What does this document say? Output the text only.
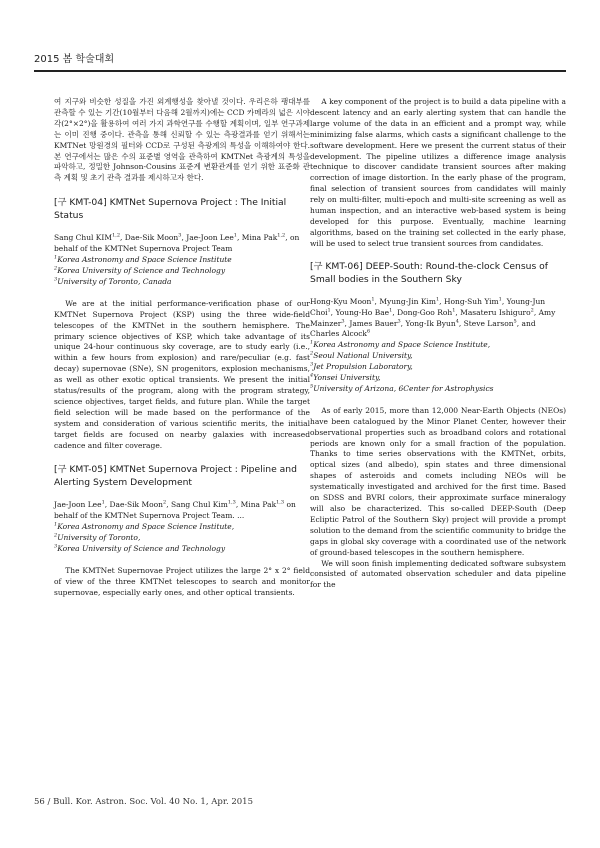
2015 봄 학술대회

여 지구와 비슷한 성질을 가진 외계행성을 찾아낼 것이다. 우리은하 팽대부를 관측할 수 있는 기간(10월부터 다음해 2월까지)에는 CCD 카메라의 넓은 시야각(2°×2°)을 활용하여 여러 가지 과학연구를 수행할 계획이며, 일부 연구과제는 이미 진행 중이다. 관측을 통해 신뢰할 수 있는 측광결과를 얻기 위해서는 KMTNet 망원경의 필터와 CCD로 구성된 측광계의 특성을 이해하여야 한다. 본 연구에서는 많은 수의 표준별 영역을 관측하여 KMTNet 측광계의 특성을 파악하고, 정밀한 Johnson-Cousins 표준계 변환관계를 얻기 위한 표준화 관측 계획 및 초기 관측 결과를 제시하고자 한다.

[구 KMT-04] KMTNet Supernova Project : The Initial Status

Sang Chul KIM$^{1,2}$, Dae-Sik Moon$^3$, Jae-Joon Lee$^1$, Mina Pak$^{1,2}$, on behalf of the KMTNet Supernova Project Team

$^1$Korea Astronomy and Space Science Institute

$^2$Korea University of Science and Technology

$^3$University of Toronto, Canada

We are at the initial performance-verification phase of our KMTNet Supernova Project (KSP) using the three wide-field telescopes of the KMTNet in the southern hemisphere. The primary science objectives of KSP, which take advantage of its unique 24-hour continuous sky coverage, are to study early (i.e., within a few hours from explosion) and rare/peculiar (e.g. fast decay) supernovae (SNe), SN progenitors, explosion mechanisms, as well as other exotic optical transients. We present the initial status/results of the program, along with the program strategy, science objectives, target fields, and future plan. While the target field selection will be made based on the performance of the system and consideration of various scientific merits, the initial target fields are focused on nearby galaxies with increased cadence and filter coverage.

[구 KMT-05] KMTNet Supernova Project : Pipeline and Alerting System Development

Jae-Joon Lee$^1$, Dae-Sik Moon$^2$, Sang Chul Kim$^{1,3}$, Mina Pak$^{1,3}$ on behalf of the KMTNet Supernova Project Team. ...

$^1$Korea Astronomy and Space Science Institute,

$^2$University of Toronto,

$^3$Korea University of Science and Technology

The KMTNet Supernovae Project utilizes the large 2° x 2° field of view of the three KMTNet telescopes to search and monitor supernovae, especially early ones, and other optical transients.

A key component of the project is to build a data pipeline with a descent latency and an early alerting system that can handle the large volume of the data in an efficient and a prompt way, while minimizing false alarms, which casts a significant challenge to the software development. Here we present the current status of their development. The pipeline utilizes a difference image analysis technique to discover candidate transient sources after making correction of image distortion. In the early phase of the program, final selection of transient sources from candidates will mainly rely on multi-filter, multi-epoch and multi-site screening as well as human inspection, and an interactive web-based system is being developed for this purpose. Eventually, machine learning algorithms, based on the training set collected in the early phase, will be used to select true transient sources from candidates.

[구 KMT-06] DEEP-South: Round-the-clock Census of Small bodies in the Southern Sky

Hong-Kyu Moon$^1$, Myung-Jin Kim$^1$, Hong-Suh Yim$^1$, Young-Jun Choi$^1$, Young-Ho Bae$^1$, Dong-Goo Roh$^1$, Masateru Ishiguro$^2$, Amy Mainzer$^3$, James Bauer$^3$, Yong-Ik Byun$^4$, Steve Larson$^5$, and Charles Alcock$^6$

$^1$Korea Astronomy and Space Science Institute,

$^2$Seoul National University,

$^3$Jet Propulsion Laboratory,

$^4$Yonsei University,

$^5$University of Arizona, 6Center for Astrophysics

As of early 2015, more than 12,000 Near-Earth Objects (NEOs) have been catalogued by the Minor Planet Center, however their observational properties such as broadband colors and rotational periods are known only for a small fraction of the population. Thanks to time series observations with the KMTNet, orbits, optical sizes (and albedo), spin states and three dimensional shapes of asteroids and comets including NEOs will be systematically investigated and archived for the first time. Based on SDSS and BVRI colors, their approximate surface mineralogy will also be characterized. This so-called DEEP-South (Deep Ecliptic Patrol of the Southern Sky) project will provide a prompt solution to the demand from the scientific community to bridge the gaps in global sky coverage with a coordinated use of the network of ground-based telescopes in the southern hemisphere.

We will soon finish implementing dedicated software subsystem consisted of automated observation scheduler and data pipeline for the

56 / Bull. Kor. Astron. Soc. Vol. 40 No. 1, Apr. 2015
